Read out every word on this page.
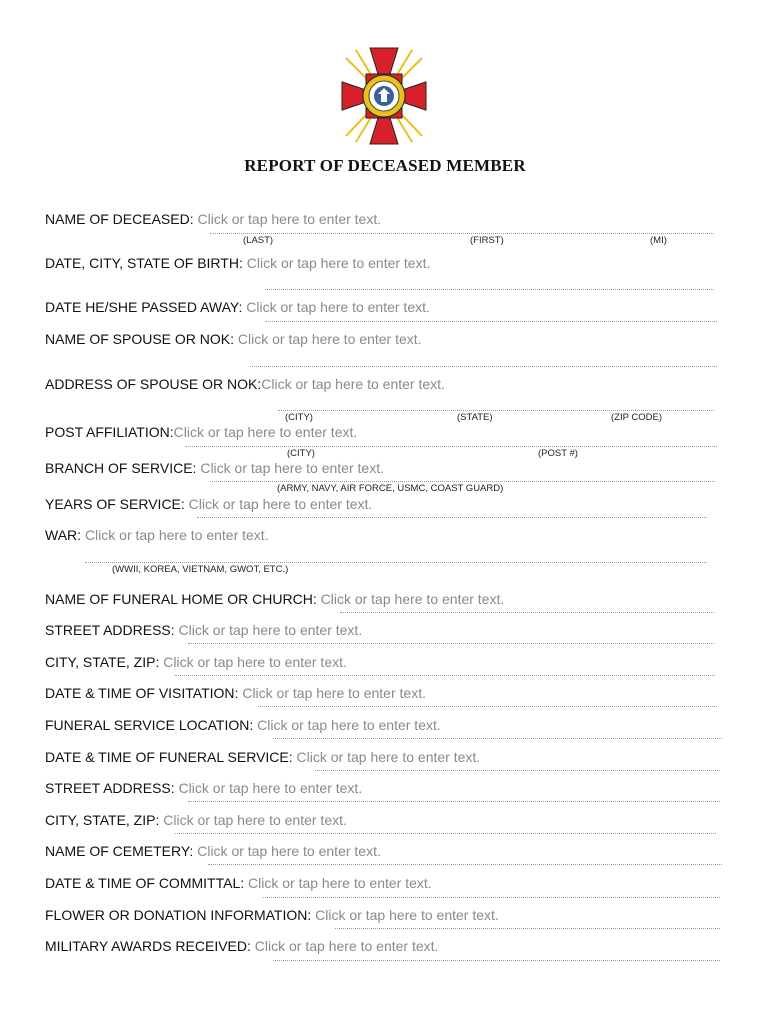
REPORT OF DECEASED MEMBER
NAME OF DECEASED: Click or tap here to enter text.
(LAST)	(FIRST)	(MI)
DATE, CITY, STATE OF BIRTH: Click or tap here to enter text.
DATE HE/SHE PASSED AWAY: Click or tap here to enter text.
NAME OF SPOUSE OR NOK: Click or tap here to enter text.
ADDRESS OF SPOUSE OR NOK:Click or tap here to enter text.
(CITY)	(STATE)	(ZIP CODE)
POST AFFILIATION:Click or tap here to enter text.
(CITY)	(POST #)
BRANCH OF SERVICE: Click or tap here to enter text.
(ARMY, NAVY, AIR FORCE, USMC, COAST GUARD)
YEARS OF SERVICE: Click or tap here to enter text.
WAR: Click or tap here to enter text.
(WWII, KOREA, VIETNAM, GWOT, ETC.)
NAME OF FUNERAL HOME OR CHURCH: Click or tap here to enter text.
STREET ADDRESS: Click or tap here to enter text.
CITY, STATE, ZIP: Click or tap here to enter text.
DATE & TIME OF VISITATION: Click or tap here to enter text.
FUNERAL SERVICE LOCATION: Click or tap here to enter text.
DATE & TIME OF FUNERAL SERVICE: Click or tap here to enter text.
STREET ADDRESS: Click or tap here to enter text.
CITY, STATE, ZIP: Click or tap here to enter text.
NAME OF CEMETERY: Click or tap here to enter text.
DATE & TIME OF COMMITTAL: Click or tap here to enter text.
FLOWER OR DONATION INFORMATION: Click or tap here to enter text.
MILITARY AWARDS RECEIVED: Click or tap here to enter text.
